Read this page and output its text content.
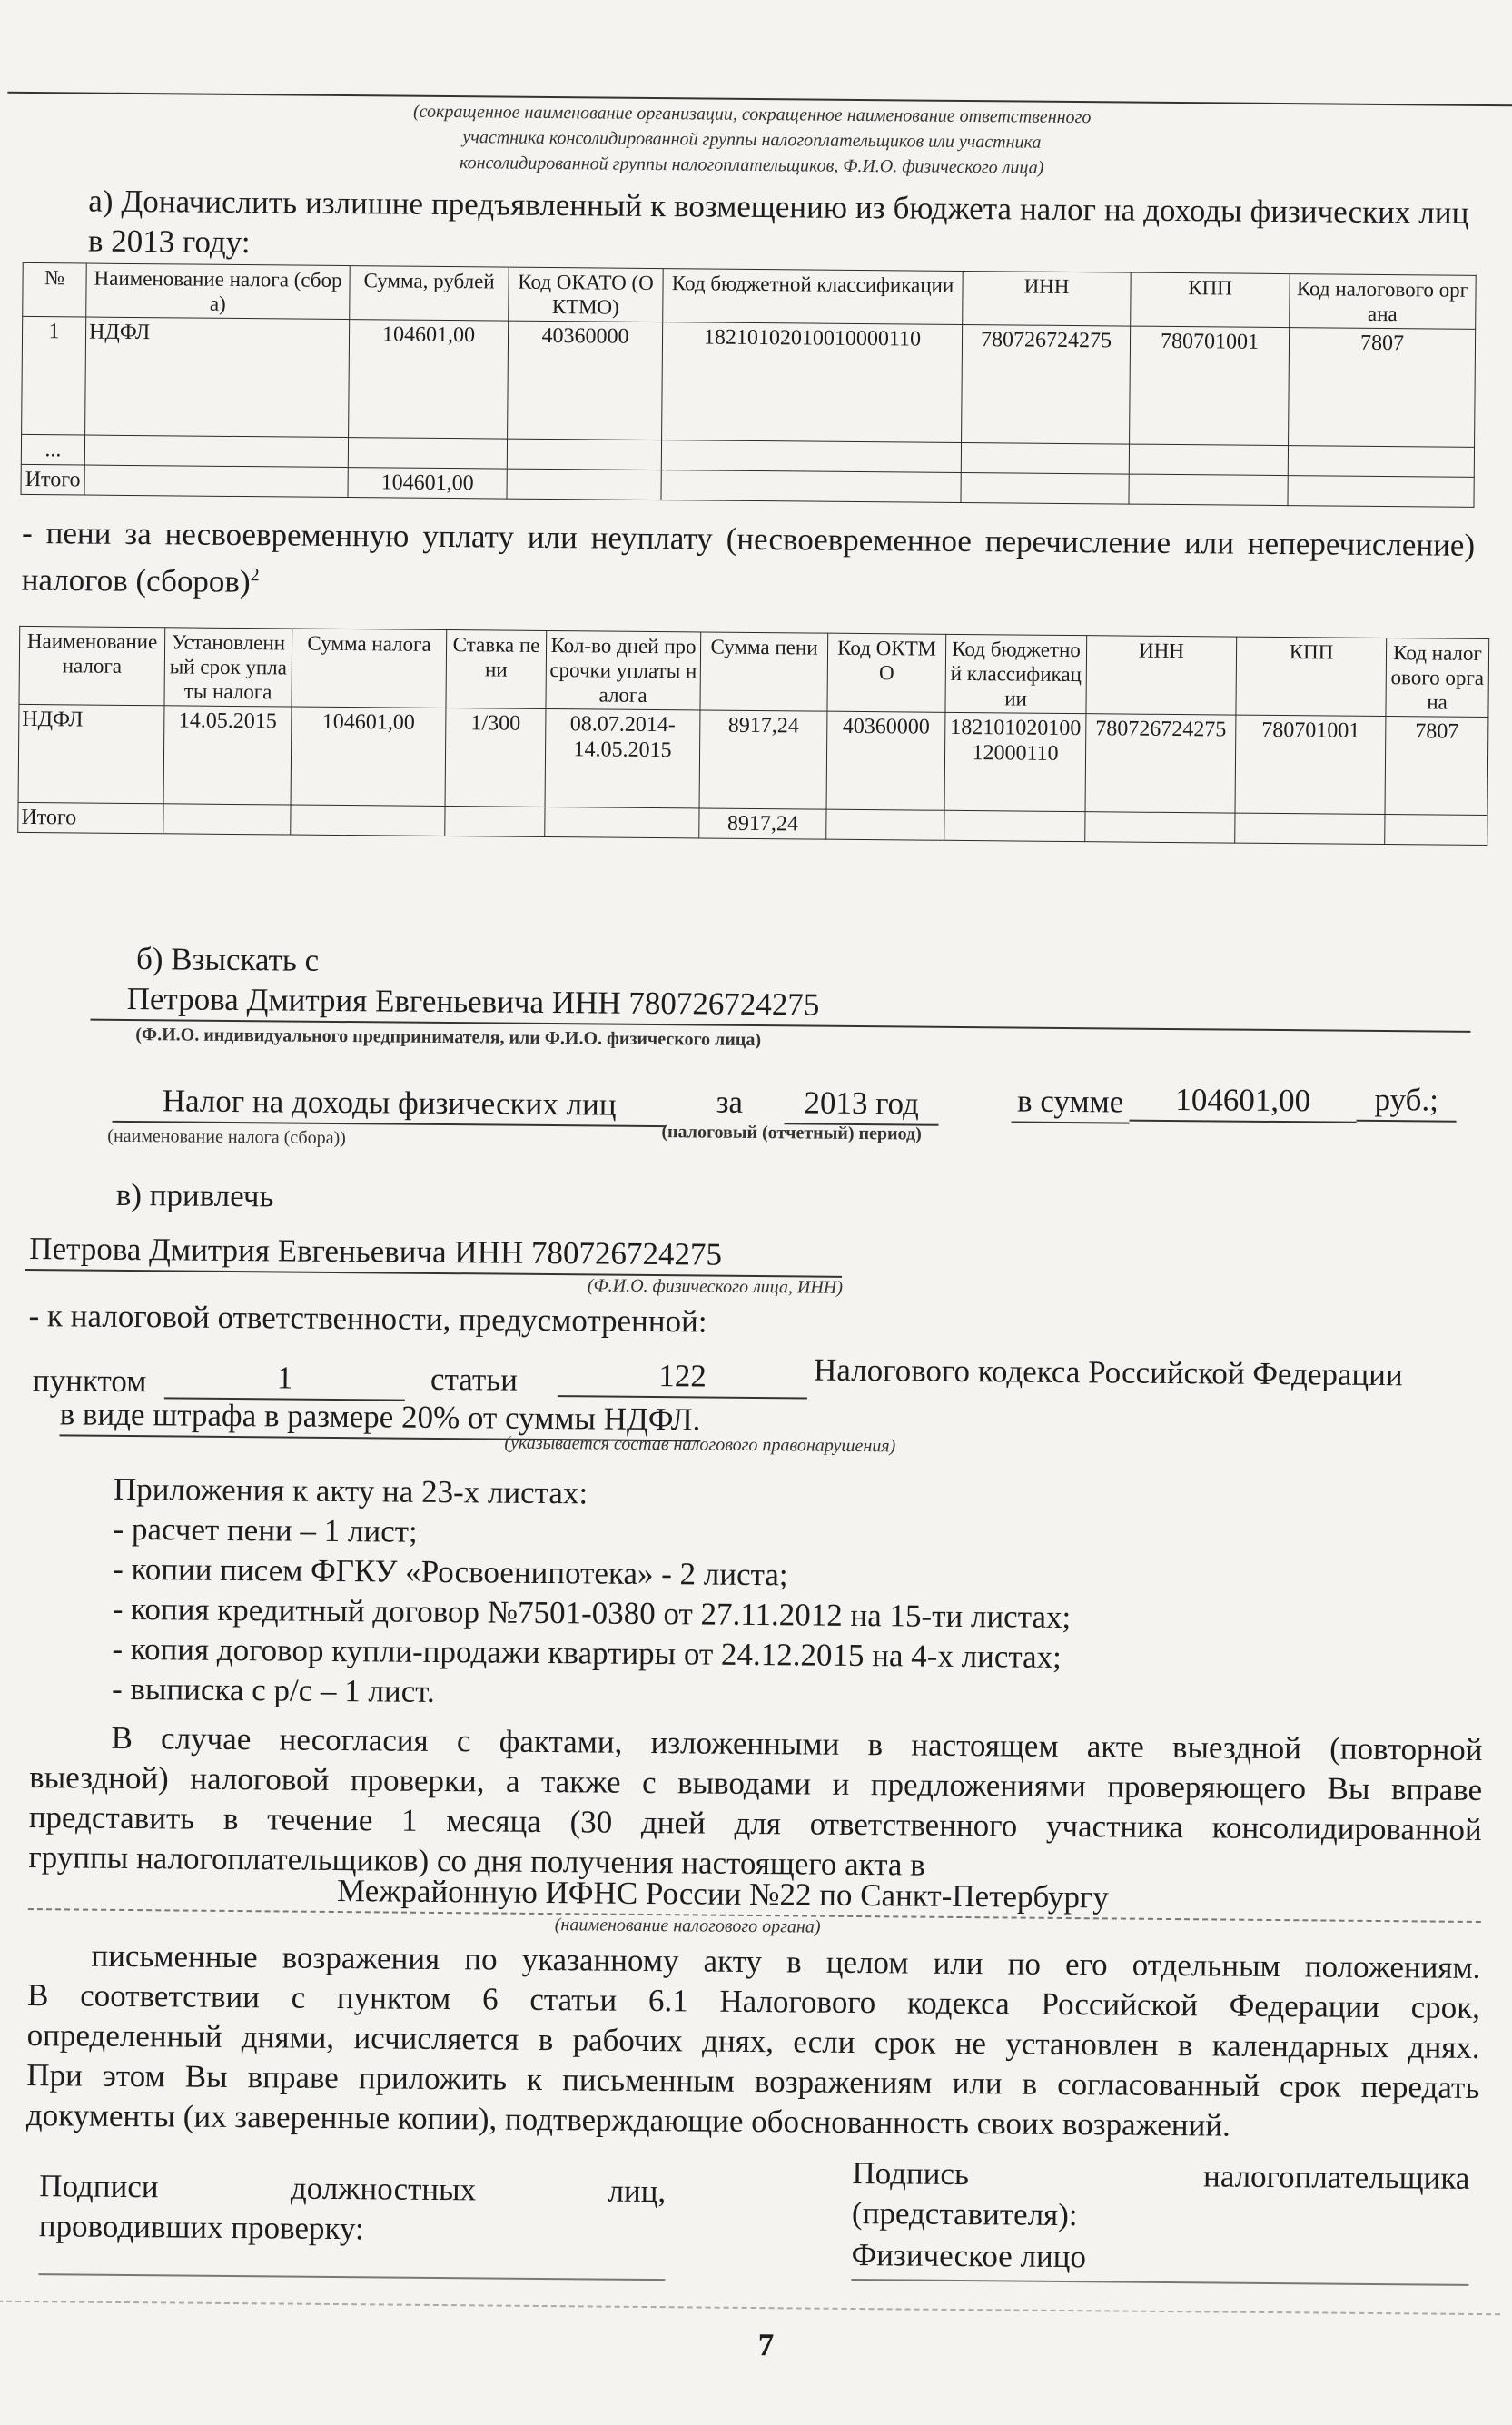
(сокращенное наименование организации, сокращенное наименование ответственного
участника консолидированной группы налогоплательщиков или участника
консолидированной группы налогоплательщиков, Ф.И.О. физического лица)
а) Доначислить излишне предъявленный к возмещению из бюджета налог на доходы физических лиц в 2013 году:
№	Наименование налога (сбора)	Сумма, рублей	Код ОКАТО (ОКТМО)	Код бюджетной классификации	ИНН	КПП	Код налогового органа
1	НДФЛ	104601,00	40360000	18210102010010000110	780726724275	780701001	7807
...							
Итого		104601,00					
- пени за несвоевременную уплату или неуплату (несвоевременное перечисление или неперечисление) налогов (сборов)$^2$
Наименование налога	Установленный срок уплаты налога	Сумма налога	Ставка пени	Кол-во дней просрочки уплаты налога	Сумма пени	Код ОКТМО	Код бюджетной классификации	ИНН	КПП	Код налогового органа
НДФЛ	14.05.2015	104601,00	1/300	08.07.2014-14.05.2015	8917,24	40360000	18210102010012000110	780726724275	780701001	7807
Итого					8917,24					
б) Взыскать с
Петрова Дмитрия Евгеньевича ИНН 780726724275
(Ф.И.О. индивидуального предпринимателя, или Ф.И.О. физического лица)
Налог на доходы физических лиц
(наименование налога (сбора))
за	2013 год
(налоговый (отчетный) период)
в сумме	104601,00	руб.;
в) привлечь
Петрова Дмитрия Евгеньевича ИНН 780726724275
(Ф.И.О. физического лица, ИНН)
- к налоговой ответственности, предусмотренной:
пунктом	1	статьи	122	Налогового кодекса Российской Федерации
в виде штрафа в размере 20% от суммы НДФЛ.
(указывается состав налогового правонарушения)
Приложения к акту на 23-х листах:
- расчет пени – 1 лист;
- копии писем ФГКУ «Росвоенипотека» - 2 листа;
- копия кредитный договор №7501-0380 от 27.11.2012 на 15-ти листах;
- копия договор купли-продажи квартиры от 24.12.2015 на 4-х листах;
- выписка с р/с – 1 лист.
В случае несогласия с фактами, изложенными в настоящем акте выездной (повторной
выездной) налоговой проверки, а также с выводами и предложениями проверяющего Вы вправе
представить в течение 1 месяца (30 дней для ответственного участника консолидированной
группы налогоплательщиков) со дня получения настоящего акта в
Межрайонную ИФНС России №22 по Санкт-Петербургу
(наименование налогового органа)
письменные возражения по указанному акту в целом или по его отдельным положениям.
В соответствии с пунктом 6 статьи 6.1 Налогового кодекса Российской Федерации срок,
определенный днями, исчисляется в рабочих днях, если срок не установлен в календарных днях.
При этом Вы вправе приложить к письменным возражениям или в согласованный срок передать
документы (их заверенные копии), подтверждающие обоснованность своих возражений.
Подписи должностных лиц,
проводивших проверку:
Подпись налогоплательщика
(представителя):
Физическое лицо
7
